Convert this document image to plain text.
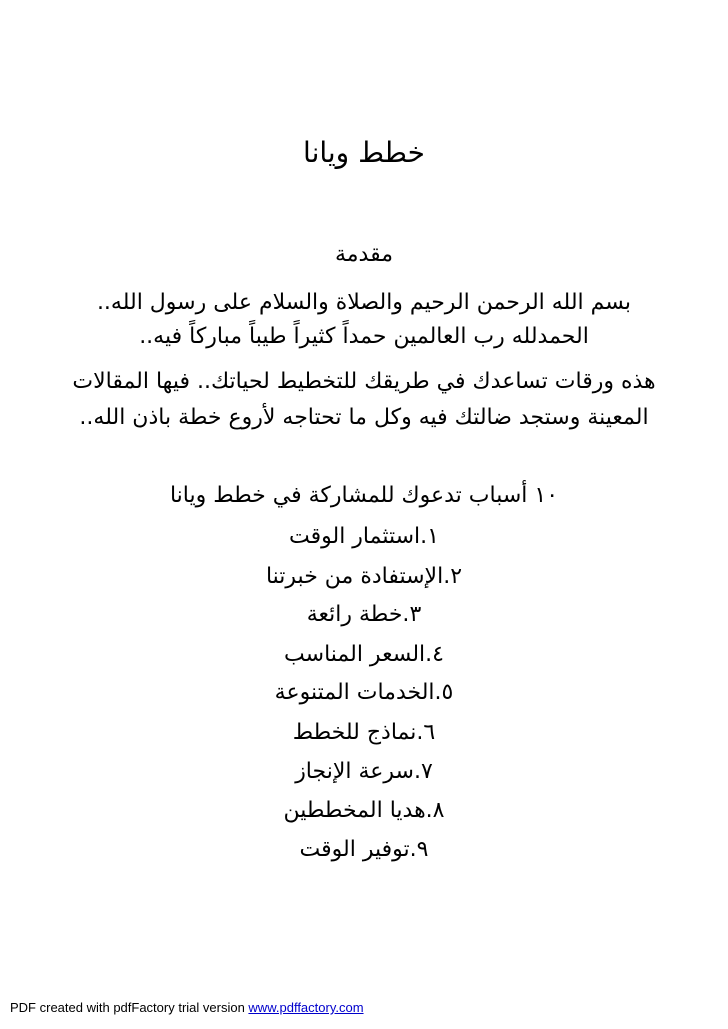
خطط ويانا
مقدمة
بسم الله الرحمن الرحيم والصلاة والسلام على رسول الله..
الحمدلله رب العالمين حمداً كثيراً طيباً مباركاً فيه..
هذه ورقات تساعدك في طريقك للتخطيط لحياتك.. فيها المقالات
المعينة وستجد ضالتك فيه وكل ما تحتاجه لأروع خطة باذن الله..
١٠ أسباب تدعوك للمشاركة في خطط ويانا
١.استثمار الوقت
٢.الإستفادة من خبرتنا
٣.خطة رائعة
٤.السعر المناسب
٥.الخدمات المتنوعة
٦.نماذج للخطط
٧.سرعة الإنجاز
٨.هديا المخططين
٩.توفير الوقت
PDF created with pdfFactory trial version www.pdffactory.com
